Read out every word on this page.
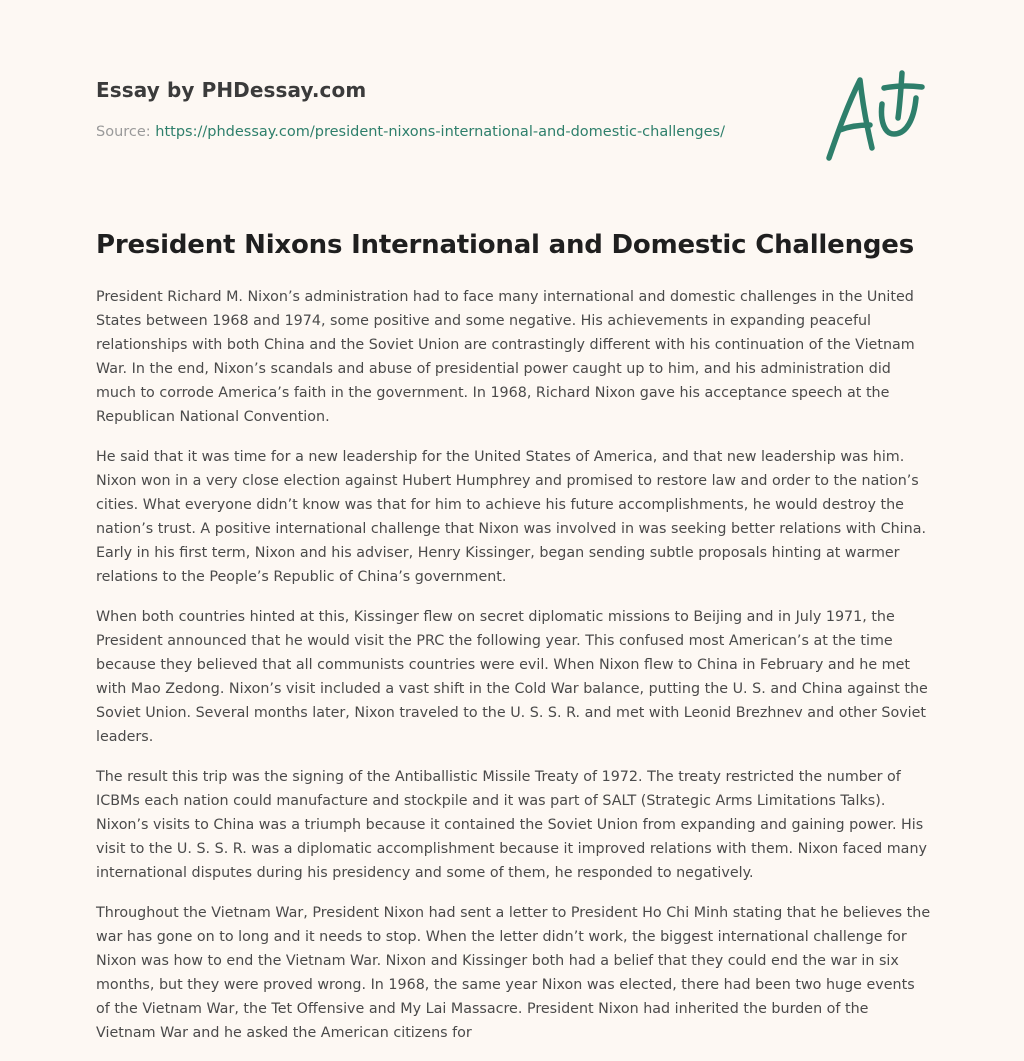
Essay by PHDessay.com
Source: https://phdessay.com/president-nixons-international-and-domestic-challenges/
President Nixons International and Domestic Challenges

President Richard M. Nixon’s administration had to face many international and domestic challenges in the United States between 1968 and 1974, some positive and some negative. His achievements in expanding peaceful relationships with both China and the Soviet Union are contrastingly different with his continuation of the Vietnam War. In the end, Nixon’s scandals and abuse of presidential power caught up to him, and his administration did much to corrode America’s faith in the government. In 1968, Richard Nixon gave his acceptance speech at the Republican National Convention.

He said that it was time for a new leadership for the United States of America, and that new leadership was him. Nixon won in a very close election against Hubert Humphrey and promised to restore law and order to the nation’s cities. What everyone didn’t know was that for him to achieve his future accomplishments, he would destroy the nation’s trust. A positive international challenge that Nixon was involved in was seeking better relations with China. Early in his first term, Nixon and his adviser, Henry Kissinger, began sending subtle proposals hinting at warmer relations to the People’s Republic of China’s government.

When both countries hinted at this, Kissinger flew on secret diplomatic missions to Beijing and in July 1971, the President announced that he would visit the PRC the following year. This confused most American’s at the time because they believed that all communists countries were evil. When Nixon flew to China in February and he met with Mao Zedong. Nixon’s visit included a vast shift in the Cold War balance, putting the U. S. and China against the Soviet Union. Several months later, Nixon traveled to the U. S. S. R. and met with Leonid Brezhnev and other Soviet leaders.

The result this trip was the signing of the Antiballistic Missile Treaty of 1972. The treaty restricted the number of ICBMs each nation could manufacture and stockpile and it was part of SALT (Strategic Arms Limitations Talks). Nixon’s visits to China was a triumph because it contained the Soviet Union from expanding and gaining power. His visit to the U. S. S. R. was a diplomatic accomplishment because it improved relations with them. Nixon faced many international disputes during his presidency and some of them, he responded to negatively.

Throughout the Vietnam War, President Nixon had sent a letter to President Ho Chi Minh stating that he believes the war has gone on to long and it needs to stop. When the letter didn’t work, the biggest international challenge for Nixon was how to end the Vietnam War. Nixon and Kissinger both had a belief that they could end the war in six months, but they were proved wrong. In 1968, the same year Nixon was elected, there had been two huge events of the Vietnam War, the Tet Offensive and My Lai Massacre. President Nixon had inherited the burden of the Vietnam War and he asked the American citizens for
